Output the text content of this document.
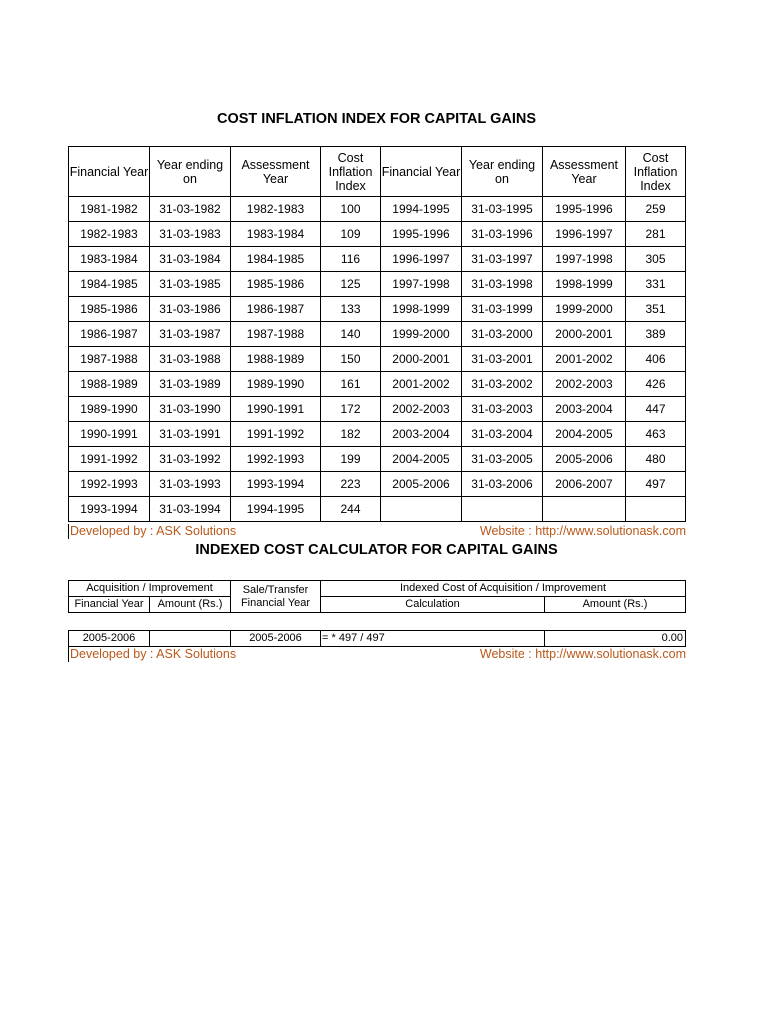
COST INFLATION INDEX FOR CAPITAL GAINS
Financial Year	Year ending on	Assessment Year	Cost Inflation Index	Financial Year	Year ending on	Assessment Year	Cost Inflation Index
1981-1982	31-03-1982	1982-1983	100	1994-1995	31-03-1995	1995-1996	259
1982-1983	31-03-1983	1983-1984	109	1995-1996	31-03-1996	1996-1997	281
1983-1984	31-03-1984	1984-1985	116	1996-1997	31-03-1997	1997-1998	305
1984-1985	31-03-1985	1985-1986	125	1997-1998	31-03-1998	1998-1999	331
1985-1986	31-03-1986	1986-1987	133	1998-1999	31-03-1999	1999-2000	351
1986-1987	31-03-1987	1987-1988	140	1999-2000	31-03-2000	2000-2001	389
1987-1988	31-03-1988	1988-1989	150	2000-2001	31-03-2001	2001-2002	406
1988-1989	31-03-1989	1989-1990	161	2001-2002	31-03-2002	2002-2003	426
1989-1990	31-03-1990	1990-1991	172	2002-2003	31-03-2003	2003-2004	447
1990-1991	31-03-1991	1991-1992	182	2003-2004	31-03-2004	2004-2005	463
1991-1992	31-03-1992	1992-1993	199	2004-2005	31-03-2005	2005-2006	480
1992-1993	31-03-1993	1993-1994	223	2005-2006	31-03-2006	2006-2007	497
1993-1994	31-03-1994	1994-1995	244				
Developed by : ASK Solutions	Website : http://www.solutionask.com
INDEXED COST CALCULATOR FOR CAPITAL GAINS
Acquisition / Improvement		Sale/Transfer Financial Year	Indexed Cost of Acquisition / Improvement	
Financial Year	Amount (Rs.)		Calculation	Amount (Rs.)
2005-2006		2005-2006	= * 497 / 497	0.00
Developed by : ASK Solutions	Website : http://www.solutionask.com
